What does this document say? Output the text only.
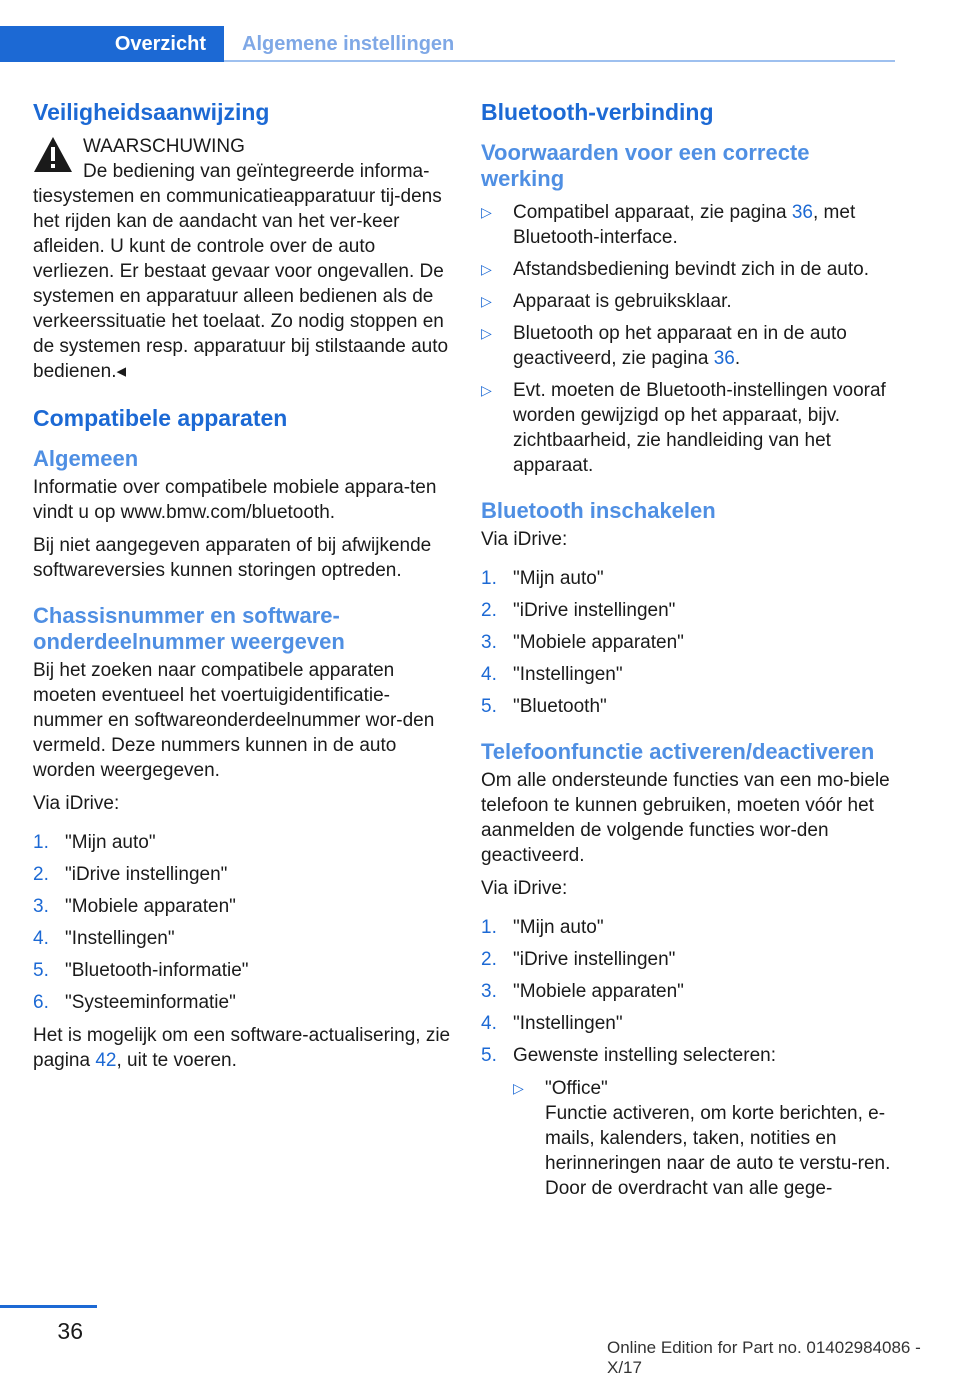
Overzicht	Algemene instellingen
Veiligheidsaanwijzing
WAARSCHUWING
De bediening van geïntegreerde informa-

tiesystemen en communicatieapparatuur tij-dens het rijden kan de aandacht van het ver-keer afleiden. U kunt de controle over de auto verliezen. Er bestaat gevaar voor ongevallen. De systemen en apparatuur alleen bedienen als de verkeerssituatie het toelaat. Zo nodig stoppen en de systemen resp. apparatuur bij stilstaande auto bedienen.◂

Compatibele apparaten
Algemeen

Informatie over compatibele mobiele appara-ten vindt u op www.bmw.com/bluetooth.

Bij niet aangegeven apparaten of bij afwijkende softwareversies kunnen storingen optreden.

Chassisnummer en software-onderdeelnummer weergeven

Bij het zoeken naar compatibele apparaten moeten eventueel het voertuigidentificatie-nummer en softwareonderdeelnummer wor-den vermeld. Deze nummers kunnen in de auto worden weergegeven.

Via iDrive:

1. "Mijn auto"
2. "iDrive instellingen"
3. "Mobiele apparaten"
4. "Instellingen"
5. "Bluetooth-informatie"
6. "Systeeminformatie"

Het is mogelijk om een software-actualisering, zie pagina 42, uit te voeren.

Bluetooth-verbinding
Voorwaarden voor een correcte werking
▷ Compatibel apparaat, zie pagina 36, met Bluetooth-interface.
▷ Afstandsbediening bevindt zich in de auto.
▷ Apparaat is gebruiksklaar.
▷ Bluetooth op het apparaat en in de auto geactiveerd, zie pagina 36.
▷ Evt. moeten de Bluetooth-instellingen vooraf worden gewijzigd op het apparaat, bijv. zichtbaarheid, zie handleiding van het apparaat.
Bluetooth inschakelen

Via iDrive:

1. "Mijn auto"
2. "iDrive instellingen"
3. "Mobiele apparaten"
4. "Instellingen"
5. "Bluetooth"
Telefoonfunctie activeren/deactiveren

Om alle ondersteunde functies van een mo-biele telefoon te kunnen gebruiken, moeten vóór het aanmelden de volgende functies wor-den geactiveerd.

Via iDrive:

1. "Mijn auto"
2. "iDrive instellingen"
3. "Mobiele apparaten"
4. "Instellingen"
5. Gewenste instelling selecteren:
▷ "Office"
Functie activeren, om korte berichten, e-mails, kalenders, taken, notities en herinneringen naar de auto te verstu-ren. Door de overdracht van alle gege-
36
Online Edition for Part no. 01402984086 - X/17
